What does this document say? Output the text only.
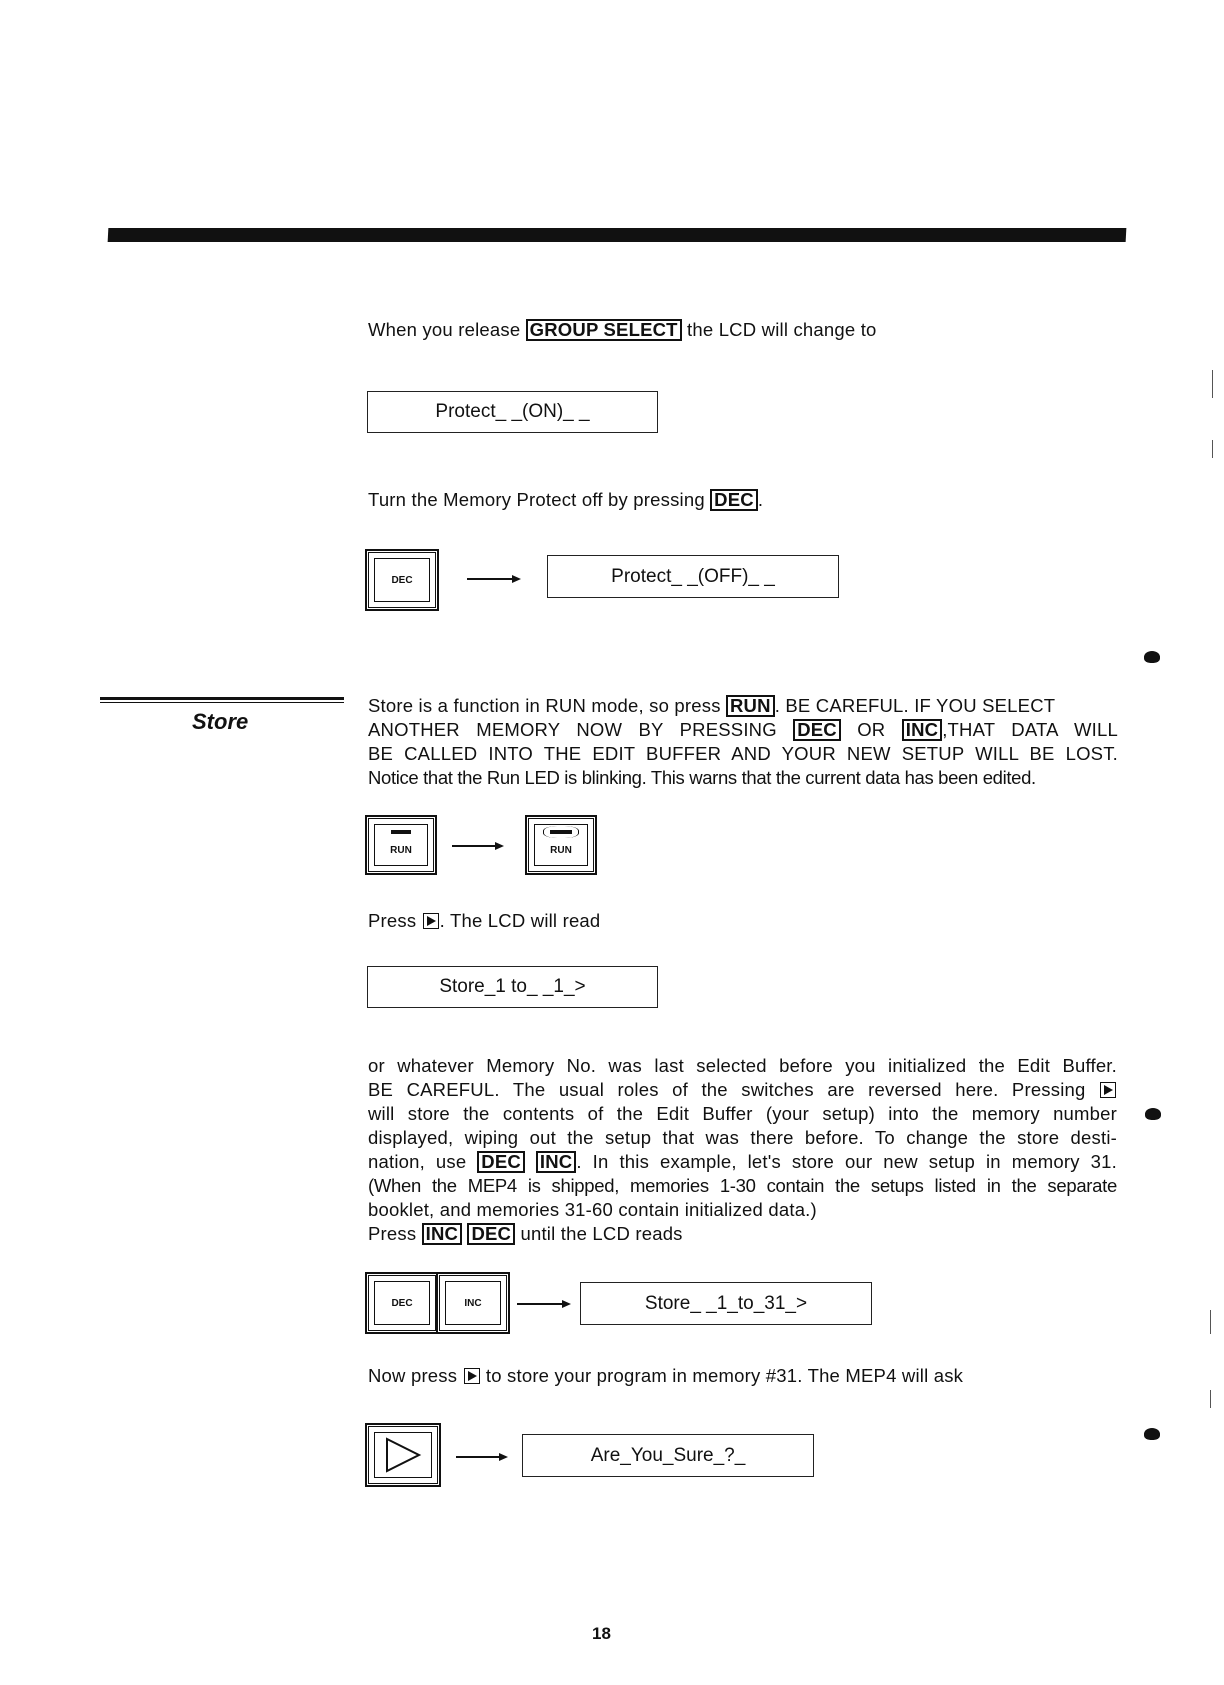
When you release GROUP SELECT the LCD will change to
Protect_ _(ON)_ _
Turn the Memory Protect off by pressing DEC .
DEC	Protect_ _(OFF)_ _
Store
Store is a function in RUN mode, so press RUN . BE CAREFUL. IF YOU SELECT
ANOTHER MEMORY NOW BY PRESSING DEC OR INC ,THAT DATA WILL
BE CALLED INTO THE EDIT BUFFER AND YOUR NEW SETUP WILL BE LOST.
Notice that the Run LED is blinking. This warns that the current data has been edited.
RUN	RUN
Press . The LCD will read
Store_1 to_ _1_>
or whatever Memory No. was last selected before you initialized the Edit Buffer.
BE CAREFUL. The usual roles of the switches are reversed here. Pressing
will store the contents of the Edit Buffer (your setup) into the memory number
displayed, wiping out the setup that was there before. To change the store desti-
nation, use DEC INC . In this example, let's store our new setup in memory 31.
(When the MEP4 is shipped, memories 1-30 contain the setups listed in the separate
booklet, and memories 31-60 contain initialized data.)
Press INC DEC until the LCD reads
DEC	INC	Store_ _1_to_31_>
Now press to store your program in memory #31. The MEP4 will ask
Are_You_Sure_?_
18
